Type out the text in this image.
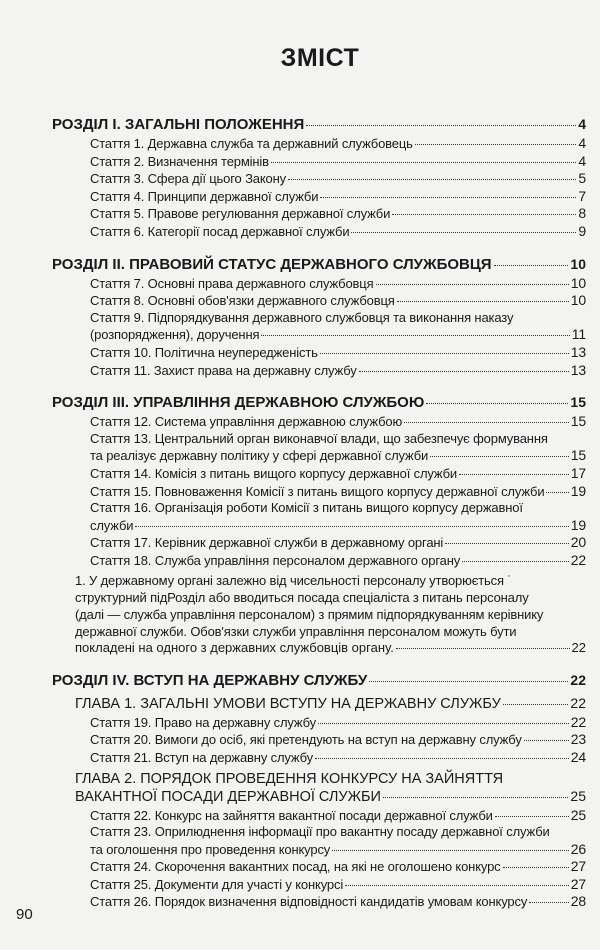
ЗМІСТ
РОЗДІЛ І. ЗАГАЛЬНІ ПОЛОЖЕННЯ	4
Стаття 1. Державна служба та державний службовець	4
Стаття 2. Визначення термінів	4
Стаття 3. Сфера дії цього Закону	5
Стаття 4. Принципи державної служби	7
Стаття 5. Правове регулювання державної служби	8
Стаття 6. Категорії посад державної служби	9
РОЗДІЛ ІІ. ПРАВОВИЙ СТАТУС ДЕРЖАВНОГО СЛУЖБОВЦЯ	10
Стаття 7. Основні права державного службовця	10
Стаття 8. Основні обов'язки державного службовця	10
Стаття 9. Підпорядкування державного службовця та виконання наказу
(розпорядження), доручення	11
Стаття 10. Політична неупередженість	13
Стаття 11. Захист права на державну службу	13
РОЗДІЛ ІІІ. УПРАВЛІННЯ ДЕРЖАВНОЮ СЛУЖБОЮ	15
Стаття 12. Система управління державною службою	15
Стаття 13. Центральний орган виконавчої влади, що забезпечує формування
та реалізує державну політику у сфері державної служби	15
Стаття 14. Комісія з питань вищого корпусу державної служби	17
Стаття 15. Повноваження Комісії з питань вищого корпусу державної служби 19
Стаття 16. Організація роботи Комісії з питань вищого корпусу державної
служби	19
Стаття 17. Керівник державної служби в державному органі	20
Стаття 18. Служба управління персоналом державного органу	22
1. У державному органі залежно від чисельності персоналу утворюється ˙
структурний підРозділ або вводиться посада спеціаліста з питань персоналу
(далі — служба управління персоналом) з прямим підпорядкуванням керівнику
державної служби. Обов'язки служби управління персоналом можуть бути
покладені на одного з державних службовців органу.	22
РОЗДІЛ IV. ВСТУП НА ДЕРЖАВНУ СЛУЖБУ	22
ГЛАВА 1. ЗАГАЛЬНІ УМОВИ ВСТУПУ НА ДЕРЖАВНУ СЛУЖБУ	22
Стаття 19. Право на державну службу	22
Стаття 20. Вимоги до осіб, які претендують на вступ на державну службу	23
Стаття 21. Вступ на державну службу	24
ГЛАВА 2. ПОРЯДОК ПРОВЕДЕННЯ КОНКУРСУ НА ЗАЙНЯТТЯ
ВАКАНТНОЇ ПОСАДИ ДЕРЖАВНОЇ СЛУЖБИ	25
Стаття 22. Конкурс на зайняття вакантної посади державної служби	25
Стаття 23. Оприлюднення інформації про вакантну посаду державної служби
та оголошення про проведення конкурсу	26
Стаття 24. Скорочення вакантних посад, на які не оголошено конкурс	27
Стаття 25. Документи для участі у конкурсі	27
Стаття 26. Порядок визначення відповідності кандидатів умовам конкурсу	28
90
